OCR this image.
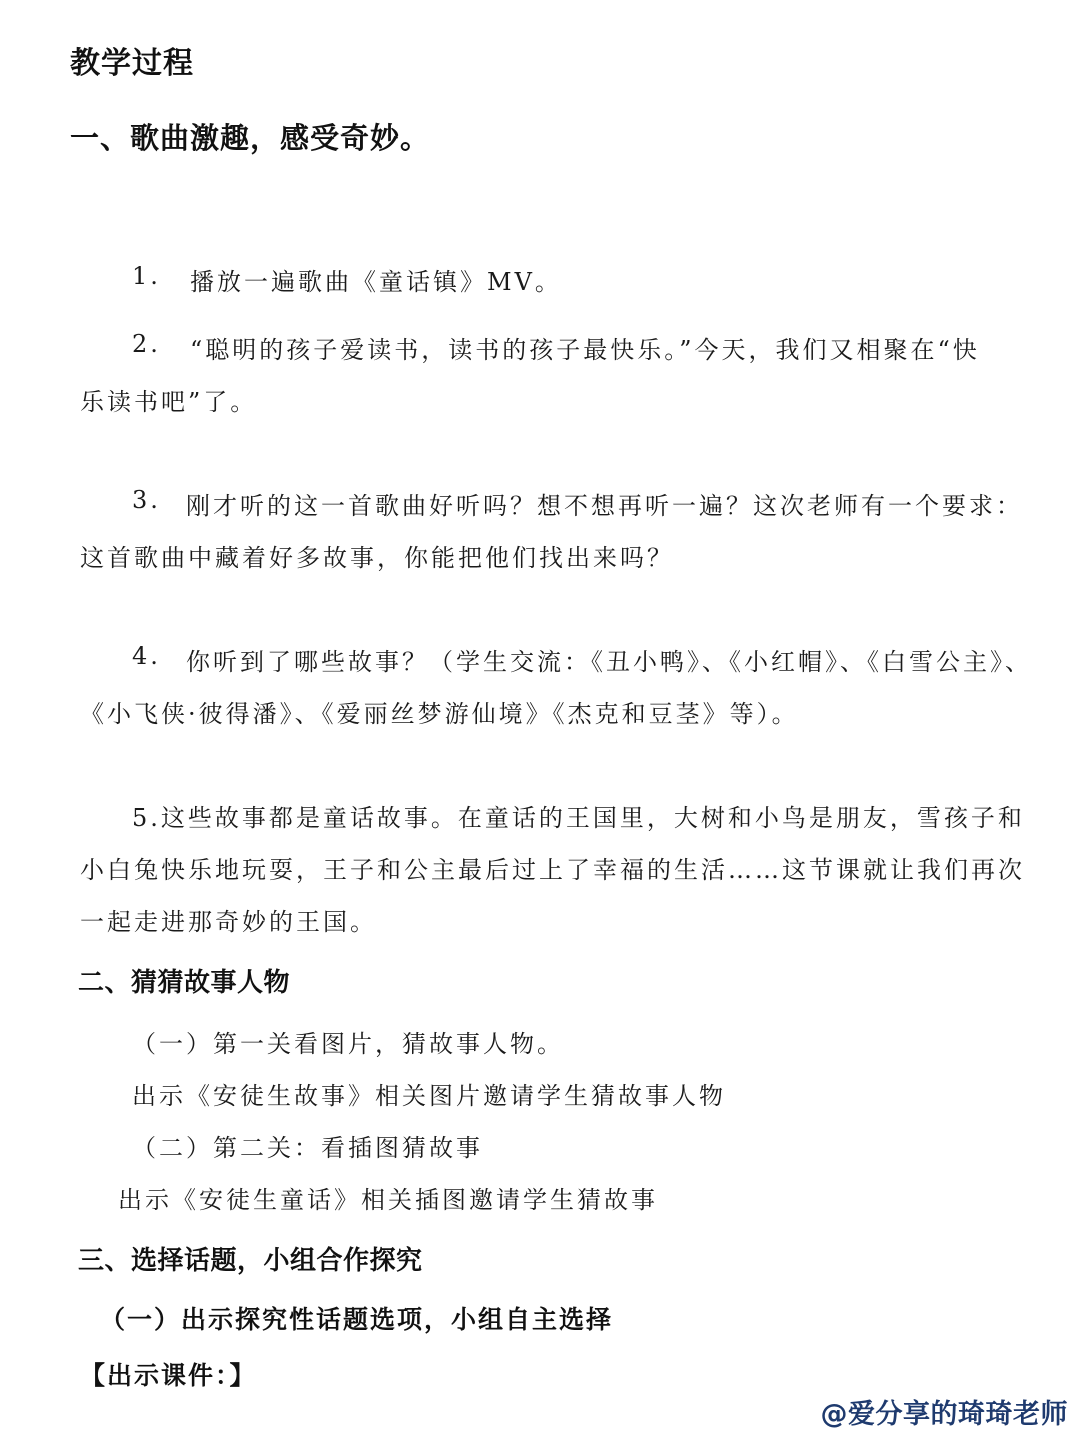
教学过程
一、歌曲激趣，感受奇妙。

1. 播放一遍歌曲《童话镇》MV。

2. “聪明的孩子爱读书，读书的孩子最快乐。”今天，我们又相聚在“快

乐读书吧”了。

3. 刚才听的这一首歌曲好听吗？想不想再听一遍？这次老师有一个要求：

这首歌曲中藏着好多故事，你能把他们找出来吗？

4. 你听到了哪些故事？（学生交流：《丑小鸭》、《小红帽》、《白雪公主》、

《小飞侠·彼得潘》、《爱丽丝梦游仙境》《杰克和豆茎》等）。

5.这些故事都是童话故事。在童话的王国里，大树和小鸟是朋友，雪孩子和

小白兔快乐地玩耍，王子和公主最后过上了幸福的生活……这节课就让我们再次

一起走进那奇妙的王国。

二、猜猜故事人物

（一）第一关看图片，猜故事人物。

出示《安徒生故事》相关图片邀请学生猜故事人物

（二）第二关：看插图猜故事

出示《安徒生童话》相关插图邀请学生猜故事

三、选择话题，小组合作探究

（一）出示探究性话题选项，小组自主选择

【出示课件：】

@爱分享的琦琦老师
